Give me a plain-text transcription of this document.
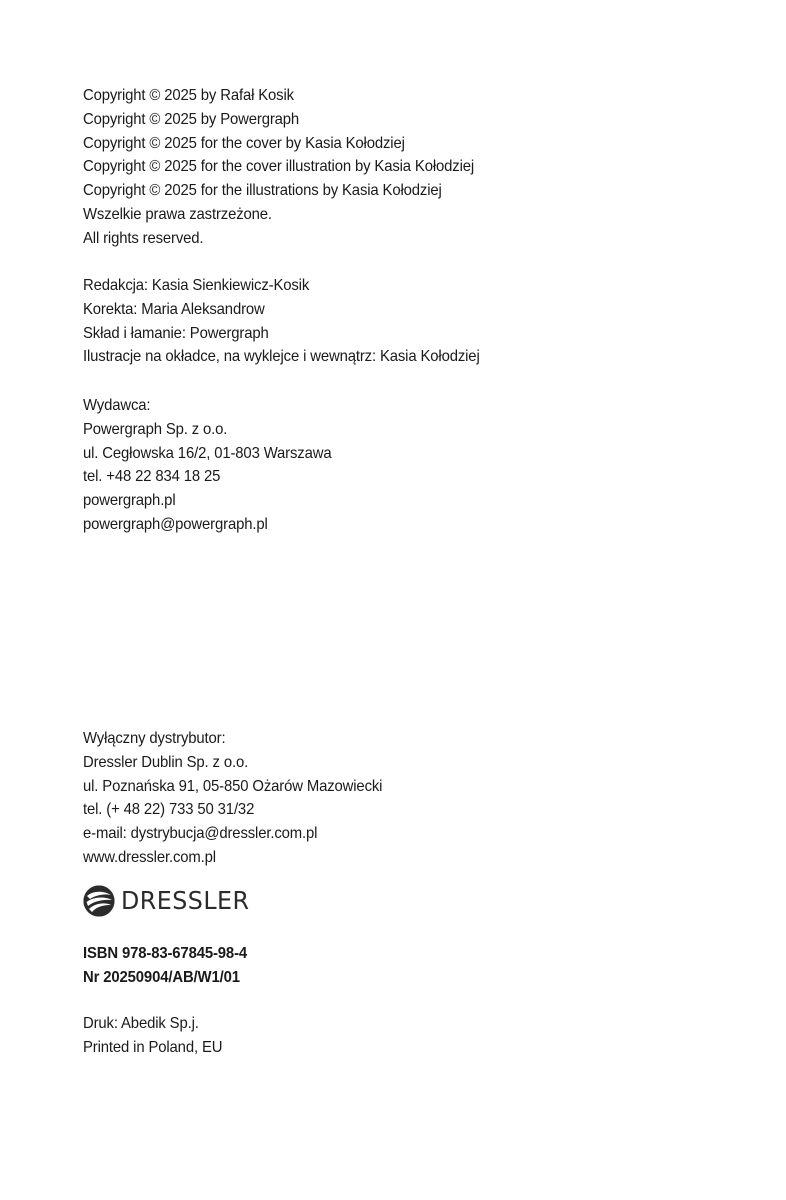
Copyright © 2025 by Rafał Kosik
Copyright © 2025 by Powergraph
Copyright © 2025 for the cover by Kasia Kołodziej
Copyright © 2025 for the cover illustration by Kasia Kołodziej
Copyright © 2025 for the illustrations by Kasia Kołodziej
Wszelkie prawa zastrzeżone.
All rights reserved.
Redakcja: Kasia Sienkiewicz-Kosik
Korekta: Maria Aleksandrow
Skład i łamanie: Powergraph
Ilustracje na okładce, na wyklejce i wewnątrz: Kasia Kołodziej
Wydawca:
Powergraph Sp. z o.o.
ul. Cegłowska 16/2, 01-803 Warszawa
tel. +48 22 834 18 25
powergraph.pl
powergraph@powergraph.pl
Wyłączny dystrybutor:
Dressler Dublin Sp. z o.o.
ul. Poznańska 91, 05-850 Ożarów Mazowiecki
tel. (+ 48 22) 733 50 31/32
e-mail: dystrybucja@dressler.com.pl
www.dressler.com.pl
DRESSLER
ISBN 978-83-67845-98-4
Nr 20250904/AB/W1/01
Druk: Abedik Sp.j.
Printed in Poland, EU
